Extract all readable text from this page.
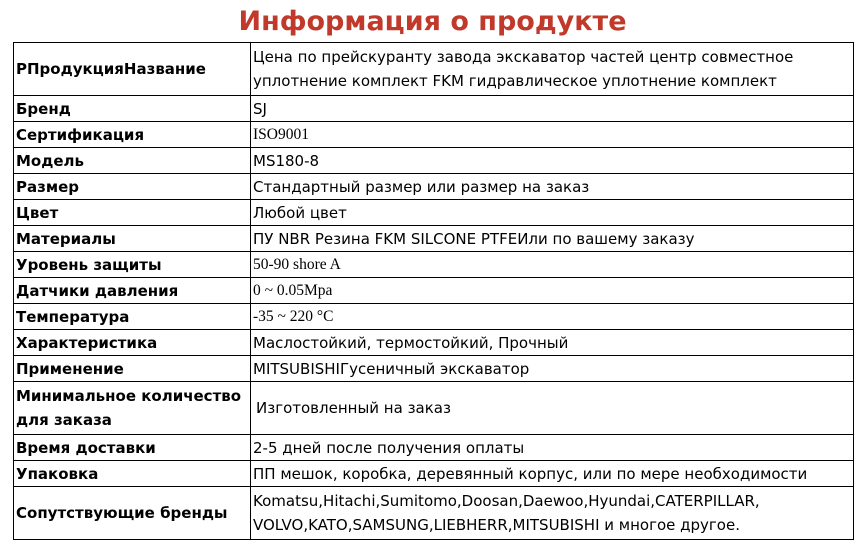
Информация о продукте
РПродукцияНазвание	Цена по прейскуранту завода экскаватор частей центр совместное уплотнение комплект FKM гидравлическое уплотнение комплект
Бренд	SJ
Сертификация	ISO9001
Модель	MS180-8
Размер	Стандартный размер или размер на заказ
Цвет	Любой цвет
Материалы	ПУ NBR Резина FKM SILCONE PTFEИли по вашему заказу
Уровень защиты	50-90 shore A
Датчики давления	0 ~ 0.05Mpa
Температура	-35 ~ 220 °C
Характеристика	Маслостойкий, термостойкий, Прочный
Применение	MITSUBISHIГусеничный экскаватор
Минимальное количество для заказа	Изготовленный на заказ
Время доставки	2-5 дней после получения оплаты
Упаковка	ПП мешок, коробка, деревянный корпус, или по мере необходимости
Сопутствующие бренды	Komatsu,Hitachi,Sumitomo,Doosan,Daewoo,Hyundai,CATERPILLAR, VOLVO,KATO,SAMSUNG,LIEBHERR,MITSUBISHI и многое другое.
